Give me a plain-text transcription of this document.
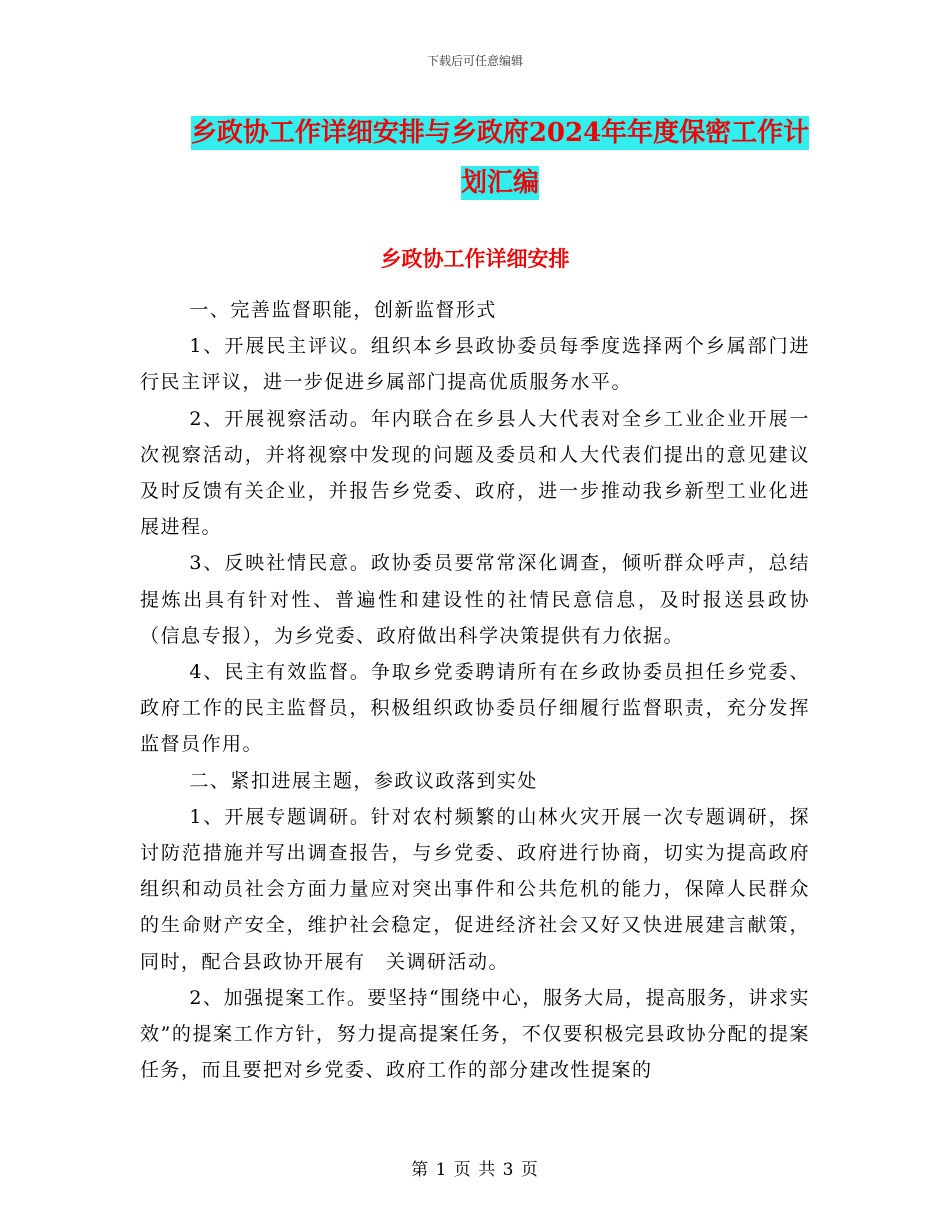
下载后可任意编辑
乡政协工作详细安排与乡政府2024年年度保密工作计
划汇编
乡政协工作详细安排

一、完善监督职能，创新监督形式

1、开展民主评议。组织本乡县政协委员每季度选择两个乡属部门进行民主评议，进一步促进乡属部门提高优质服务水平。

2、开展视察活动。年内联合在乡县人大代表对全乡工业企业开展一次视察活动，并将视察中发现的问题及委员和人大代表们提出的意见建议及时反馈有关企业，并报告乡党委、政府，进一步推动我乡新型工业化进展进程。

3、反映社情民意。政协委员要常常深化调查，倾听群众呼声，总结提炼出具有针对性、普遍性和建设性的社情民意信息，及时报送县政协（信息专报），为乡党委、政府做出科学决策提供有力依据。

4、民主有效监督。争取乡党委聘请所有在乡政协委员担任乡党委、政府工作的民主监督员，积极组织政协委员仔细履行监督职责，充分发挥监督员作用。

二、紧扣进展主题，参政议政落到实处

1、开展专题调研。针对农村频繁的山林火灾开展一次专题调研，探讨防范措施并写出调查报告，与乡党委、政府进行协商，切实为提高政府组织和动员社会方面力量应对突出事件和公共危机的能力，保障人民群众的生命财产安全，维护社会稳定，促进经济社会又好又快进展建言献策，同时，配合县政协开展有　关调研活动。

2、加强提案工作。要坚持“围绕中心，服务大局，提高服务，讲求实效”的提案工作方针，努力提高提案任务，不仅要积极完县政协分配的提案任务，而且要把对乡党委、政府工作的部分建改性提案的

第 1 页 共 3 页
